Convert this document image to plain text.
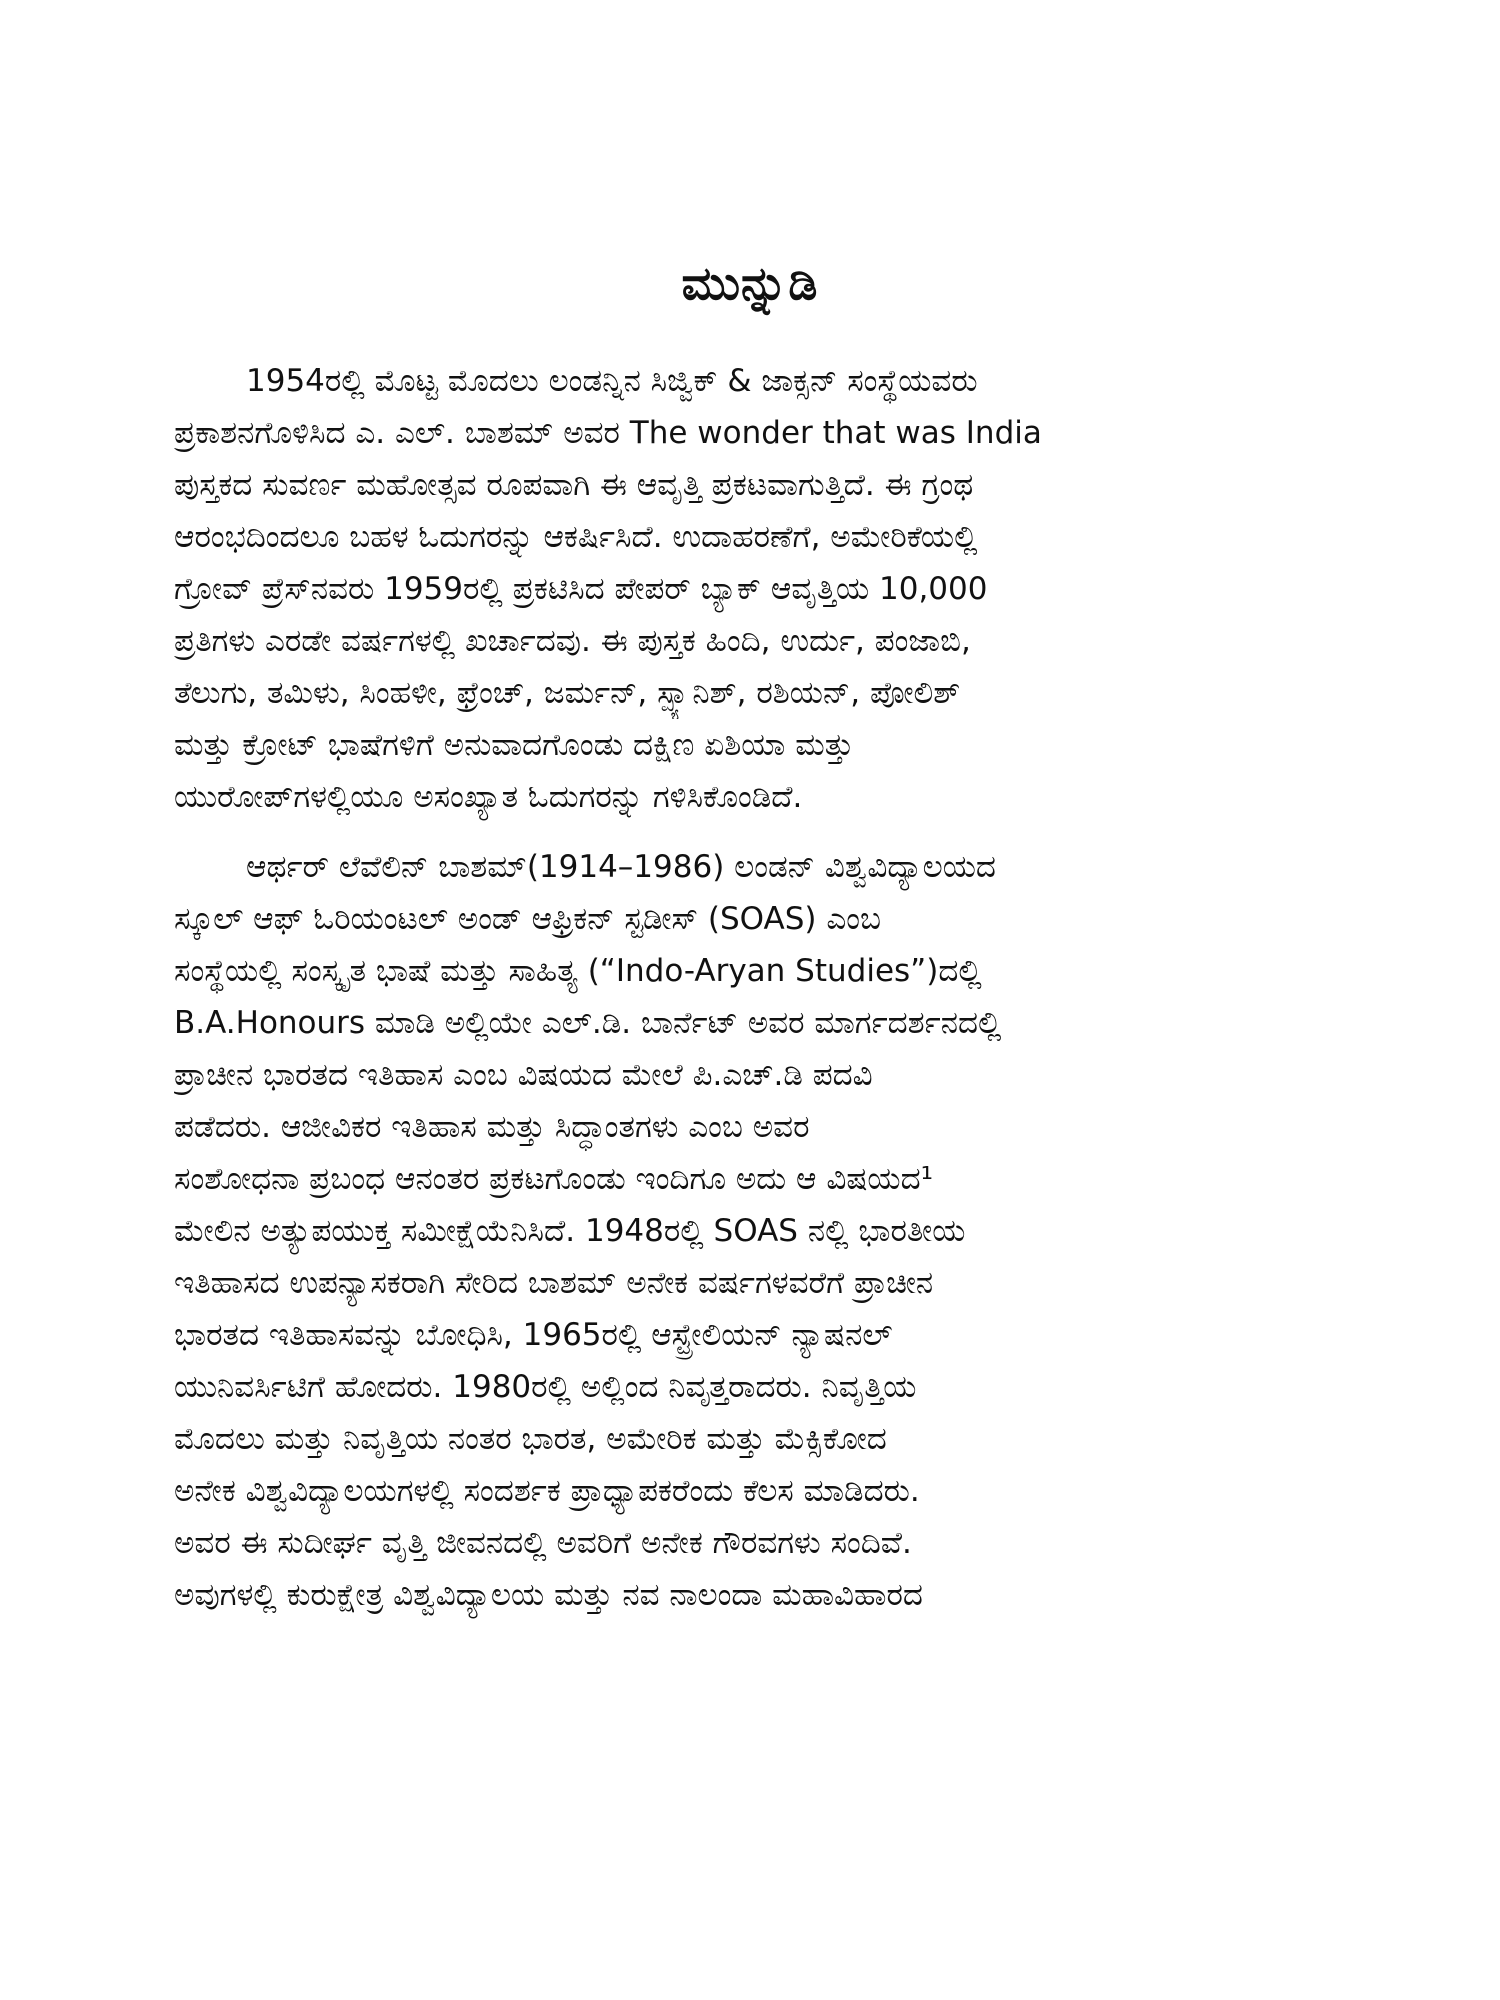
ಮುನ್ನುಡಿ

1954ರಲ್ಲಿ ಮೊಟ್ಟ ಮೊದಲು ಲಂಡನ್ನಿನ ಸಿಜ್ವಿಕ್ & ಜಾಕ್ಸನ್ ಸಂಸ್ಥೆಯವರು
ಪ್ರಕಾಶನಗೊಳಿಸಿದ ಎ. ಎಲ್. ಬಾಶಮ್ ಅವರ The wonder that was India
ಪುಸ್ತಕದ ಸುವರ್ಣ ಮಹೋತ್ಸವ ರೂಪವಾಗಿ ಈ ಆವೃತ್ತಿ ಪ್ರಕಟವಾಗುತ್ತಿದೆ. ಈ ಗ್ರಂಥ
ಆರಂಭದಿಂದಲೂ ಬಹಳ ಓದುಗರನ್ನು ಆಕರ್ಷಿಸಿದೆ. ಉದಾಹರಣೆಗೆ, ಅಮೇರಿಕೆಯಲ್ಲಿ
ಗ್ರೋವ್ ಪ್ರೆಸ್‌ನವರು 1959ರಲ್ಲಿ ಪ್ರಕಟಿಸಿದ ಪೇಪರ್ ಬ್ಯಾಕ್ ಆವೃತ್ತಿಯ 10,000
ಪ್ರತಿಗಳು ಎರಡೇ ವರ್ಷಗಳಲ್ಲಿ ಖರ್ಚಾದವು. ಈ ಪುಸ್ತಕ ಹಿಂದಿ, ಉರ್ದು, ಪಂಜಾಬಿ,
ತೆಲುಗು, ತಮಿಳು, ಸಿಂಹಳೀ, ಫ್ರೆಂಚ್, ಜರ್ಮನ್, ಸ್ಪ್ಯಾನಿಶ್, ರಶಿಯನ್, ಪೋಲಿಶ್
ಮತ್ತು ಕ್ರೋಟ್ ಭಾಷೆಗಳಿಗೆ ಅನುವಾದಗೊಂಡು ದಕ್ಷಿಣ ಏಶಿಯಾ ಮತ್ತು
ಯುರೋಪ್‌ಗಳಲ್ಲಿಯೂ ಅಸಂಖ್ಯಾತ ಓದುಗರನ್ನು ಗಳಿಸಿಕೊಂಡಿದೆ.

ಆರ್ಥರ್ ಲೆವೆಲಿನ್ ಬಾಶಮ್(1914–1986) ಲಂಡನ್ ವಿಶ್ವವಿದ್ಯಾಲಯದ
ಸ್ಕೂಲ್ ಆಫ್ ಓರಿಯಂಟಲ್ ಅಂಡ್ ಆಫ್ರಿಕನ್ ಸ್ಟಡೀಸ್ (SOAS) ಎಂಬ
ಸಂಸ್ಥೆಯಲ್ಲಿ ಸಂಸ್ಕೃತ ಭಾಷೆ ಮತ್ತು ಸಾಹಿತ್ಯ (“Indo-Aryan Studies”)ದಲ್ಲಿ
B.A.Honours ಮಾಡಿ ಅಲ್ಲಿಯೇ ಎಲ್.ಡಿ. ಬಾರ್ನೆಟ್ ಅವರ ಮಾರ್ಗದರ್ಶನದಲ್ಲಿ
ಪ್ರಾಚೀನ ಭಾರತದ ಇತಿಹಾಸ ಎಂಬ ವಿಷಯದ ಮೇಲೆ ಪಿ.ಎಚ್.ಡಿ ಪದವಿ
ಪಡೆದರು. ಆಜೀವಿಕರ ಇತಿಹಾಸ ಮತ್ತು ಸಿದ್ಧಾಂತಗಳು ಎಂಬ ಅವರ
ಸಂಶೋಧನಾ ಪ್ರಬಂಧ ಆನಂತರ ಪ್ರಕಟಗೊಂಡು ಇಂದಿಗೂ ಅದು ಆ ವಿಷಯದ¹
ಮೇಲಿನ ಅತ್ಯುಪಯುಕ್ತ ಸಮೀಕ್ಷೆಯೆನಿಸಿದೆ. 1948ರಲ್ಲಿ SOAS ನಲ್ಲಿ ಭಾರತೀಯ
ಇತಿಹಾಸದ ಉಪನ್ಯಾಸಕರಾಗಿ ಸೇರಿದ ಬಾಶಮ್ ಅನೇಕ ವರ್ಷಗಳವರೆಗೆ ಪ್ರಾಚೀನ
ಭಾರತದ ಇತಿಹಾಸವನ್ನು ಬೋಧಿಸಿ, 1965ರಲ್ಲಿ ಆಸ್ಟ್ರೇಲಿಯನ್ ನ್ಯಾಷನಲ್
ಯುನಿವರ್ಸಿಟಿಗೆ ಹೋದರು. 1980ರಲ್ಲಿ ಅಲ್ಲಿಂದ ನಿವೃತ್ತರಾದರು. ನಿವೃತ್ತಿಯ
ಮೊದಲು ಮತ್ತು ನಿವೃತ್ತಿಯ ನಂತರ ಭಾರತ, ಅಮೇರಿಕ ಮತ್ತು ಮೆಕ್ಸಿಕೋದ
ಅನೇಕ ವಿಶ್ವವಿದ್ಯಾಲಯಗಳಲ್ಲಿ ಸಂದರ್ಶಕ ಪ್ರಾಧ್ಯಾಪಕರೆಂದು ಕೆಲಸ ಮಾಡಿದರು.
ಅವರ ಈ ಸುದೀರ್ಘ ವೃತ್ತಿ ಜೀವನದಲ್ಲಿ ಅವರಿಗೆ ಅನೇಕ ಗೌರವಗಳು ಸಂದಿವೆ.
ಅವುಗಳಲ್ಲಿ ಕುರುಕ್ಷೇತ್ರ ವಿಶ್ವವಿದ್ಯಾಲಯ ಮತ್ತು ನವ ನಾಲಂದಾ ಮಹಾವಿಹಾರದ
